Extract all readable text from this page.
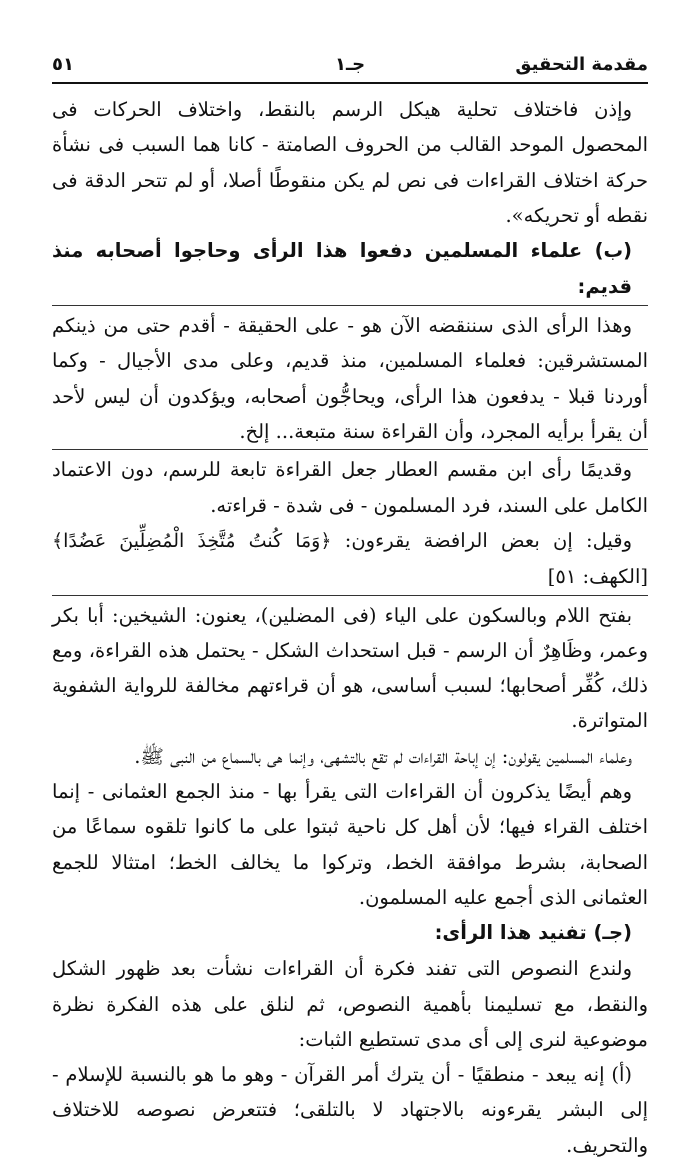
مقدمة التحقيق
جـ١
٥١

وإذن فاختلاف تحلية هيكل الرسم بالنقط، واختلاف الحركات فى المحصول الموحد القالب من الحروف الصامتة - كانا هما السبب فى نشأة حركة اختلاف القراءات فى نص لم يكن منقوطًا أصلا، أو لم تتحر الدقة فى نقطه أو تحريكه».

(ب) علماء المسلمين دفعوا هذا الرأى وحاجوا أصحابه منذ قديم:

وهذا الرأى الذى سننقضه الآن هو - على الحقيقة - أقدم حتى من ذينكم المستشرقين: فعلماء المسلمين، منذ قديم، وعلى مدى الأجيال - وكما أوردنا قبلا - يدفعون هذا الرأى، ويحاجُّون أصحابه، ويؤكدون أن ليس لأحد أن يقرأ برأيه المجرد، وأن القراءة سنة متبعة... إلخ.

وقديمًا رأى ابن مقسم العطار جعل القراءة تابعة للرسم، دون الاعتماد الكامل على السند، فرد المسلمون - فى شدة - قراءته.

وقيل: إن بعض الرافضة يقرءون: ﴿وَمَا كُنتُ مُتَّخِذَ الْمُضِلِّينَ عَضُدًا﴾ [الكهف: ٥١]

بفتح اللام وبالسكون على الياء (فى المضلين)، يعنون: الشيخين: أبا بكر وعمر، وظَاهِرٌ أن الرسم - قبل استحداث الشكل - يحتمل هذه القراءة، ومع ذلك، كُفِّر أصحابها؛ لسبب أساسى، هو أن قراءتهم مخالفة للرواية الشفوية المتواترة.

وعلماء المسلمين يقولون: إن إباحة القراءات لم تقع بالتشهى، وإنما هى بالسماع من النبى ﷺ.

وهم أيضًا يذكرون أن القراءات التى يقرأ بها - منذ الجمع العثمانى - إنما اختلف القراء فيها؛ لأن أهل كل ناحية ثبتوا على ما كانوا تلقوه سماعًا من الصحابة، بشرط موافقة الخط، وتركوا ما يخالف الخط؛ امتثالا للجمع العثمانى الذى أجمع عليه المسلمون.

(جـ) تفنيد هذا الرأى:

ولندع النصوص التى تفند فكرة أن القراءات نشأت بعد ظهور الشكل والنقط، مع تسليمنا بأهمية النصوص، ثم لنلق على هذه الفكرة نظرة موضوعية لنرى إلى أى مدى تستطيع الثبات:

(أ) إنه يبعد - منطقيًا - أن يترك أمر القرآن - وهو ما هو بالنسبة للإسلام - إلى البشر يقرءونه بالاجتهاد لا بالتلقى؛ فتتعرض نصوصه للاختلاف والتحريف.
